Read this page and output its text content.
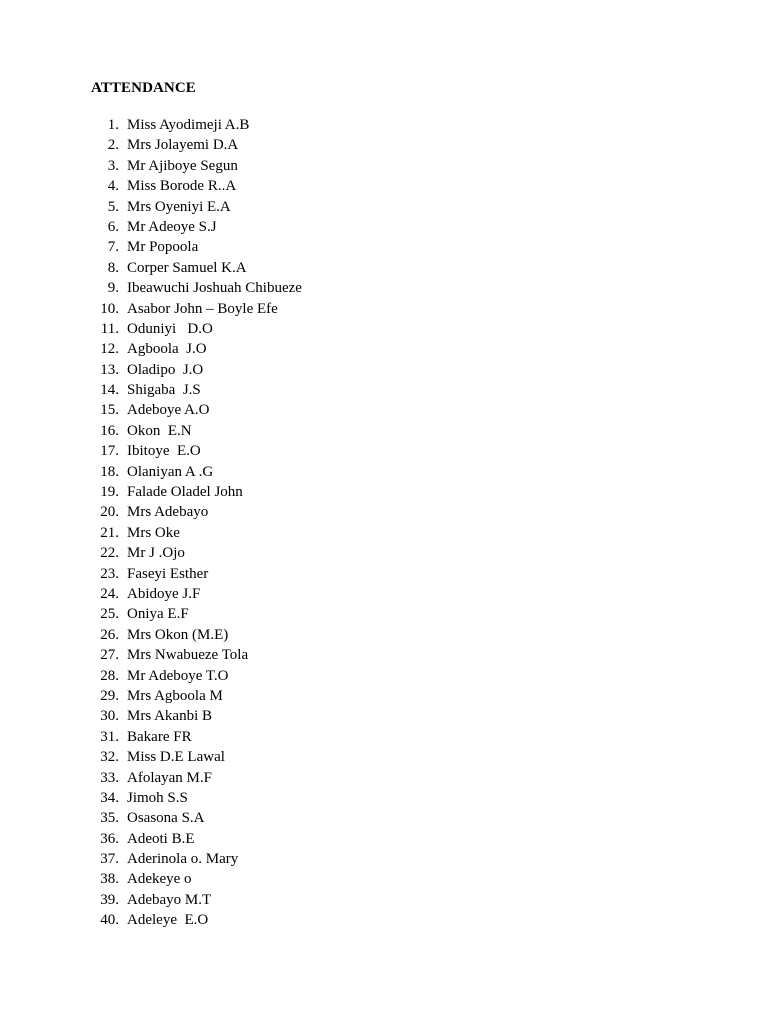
ATTENDANCE
1. Miss Ayodimeji A.B
2. Mrs Jolayemi D.A
3. Mr Ajiboye Segun
4. Miss Borode R..A
5. Mrs Oyeniyi E.A
6. Mr Adeoye S.J
7. Mr Popoola
8. Corper Samuel K.A
9. Ibeawuchi Joshuah Chibueze
10. Asabor John – Boyle Efe
11. Oduniyi   D.O
12. Agboola  J.O
13. Oladipo  J.O
14. Shigaba  J.S
15. Adeboye A.O
16. Okon  E.N
17. Ibitoye  E.O
18. Olaniyan A .G
19. Falade Oladel John
20. Mrs Adebayo
21. Mrs Oke
22. Mr J .Ojo
23. Faseyi Esther
24. Abidoye J.F
25. Oniya E.F
26. Mrs Okon (M.E)
27. Mrs Nwabueze Tola
28. Mr Adeboye T.O
29. Mrs Agboola M
30. Mrs Akanbi B
31. Bakare FR
32. Miss D.E Lawal
33. Afolayan M.F
34. Jimoh S.S
35. Osasona S.A
36. Adeoti B.E
37. Aderinola o. Mary
38. Adekeye o
39. Adebayo M.T
40. Adeleye  E.O
